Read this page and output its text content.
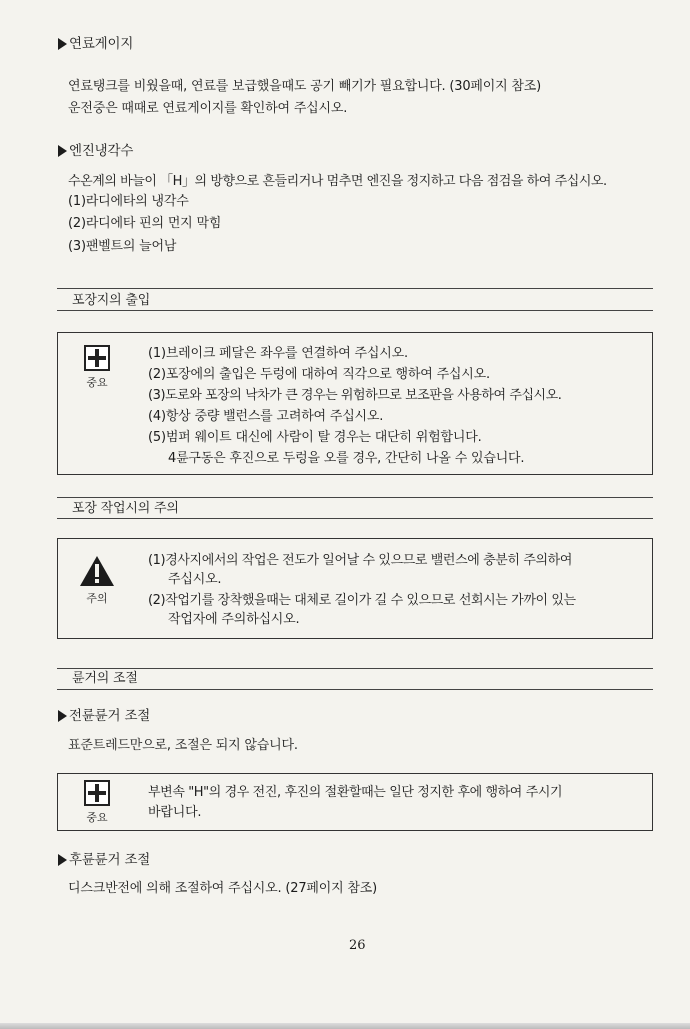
연료게이지
연료탱크를 비웠을때, 연료를 보급했을때도 공기 빼기가 필요합니다. (30페이지 참조)
운전중은 때때로 연료게이지를 확인하여 주십시오.
엔진냉각수
수온계의 바늘이 「H」의 방향으로 흔들리거나 멈추면 엔진을 정지하고 다음 점검을 하여 주십시오.
(1)라디에타의 냉각수
(2)라디에타 핀의 먼지 막힘
(3)팬벨트의 늘어남
포장지의 출입
중요
(1)브레이크 페달은 좌우를 연결하여 주십시오.
(2)포장에의 출입은 두렁에 대하여 직각으로 행하여 주십시오.
(3)도로와 포장의 낙차가 큰 경우는 위험하므로 보조판을 사용하여 주십시오.
(4)항상 중량 밸런스를 고려하여 주십시오.
(5)범퍼 웨이트 대신에 사람이 탈 경우는 대단히 위험합니다.
4륜구동은 후진으로 두렁을 오를 경우, 간단히 나올 수 있습니다.
포장 작업시의 주의
주의
(1)경사지에서의 작업은 전도가 일어날 수 있으므로 밸런스에 충분히 주의하여
주십시오.
(2)작업기를 장착했을때는 대체로 길이가 길 수 있으므로 선회시는 가까이 있는
작업자에 주의하십시오.
륜거의 조절
전륜륜거 조절
표준트레드만으로, 조절은 되지 않습니다.
중요
부변속 "H"의 경우 전진, 후진의 절환할때는 일단 정지한 후에 행하여 주시기
바랍니다.
후륜륜거 조절
디스크반전에 의해 조절하여 주십시오. (27페이지 참조)
26
